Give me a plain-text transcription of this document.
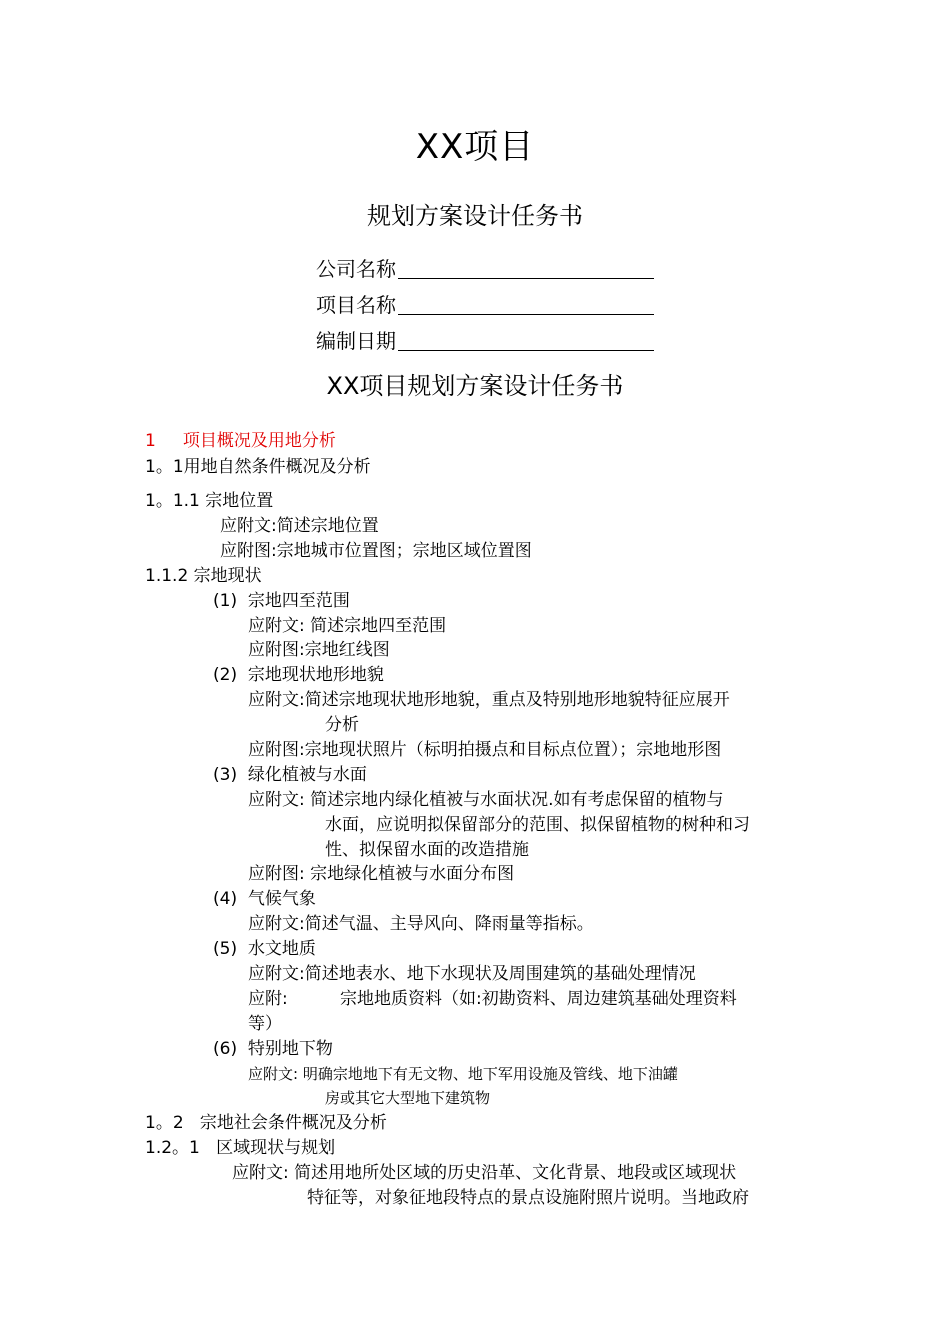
XX项目
规划方案设计任务书
公司名称
项目名称
编制日期
XX项目规划方案设计任务书
1     项目概况及用地分析
1。1用地自然条件概况及分析
1。1.1 宗地位置
应附文:简述宗地位置
应附图:宗地城市位置图；宗地区域位置图
1.1.2 宗地现状
(1)  宗地四至范围
应附文: 简述宗地四至范围
应附图:宗地红线图
(2)  宗地现状地形地貌
应附文:简述宗地现状地形地貌，重点及特别地形地貌特征应展开
分析
应附图:宗地现状照片（标明拍摄点和目标点位置）；宗地地形图
(3)  绿化植被与水面
应附文: 简述宗地内绿化植被与水面状况.如有考虑保留的植物与
水面，应说明拟保留部分的范围、拟保留植物的树种和习
性、拟保留水面的改造措施
应附图: 宗地绿化植被与水面分布图
(4)  气候气象
应附文:简述气温、主导风向、降雨量等指标。
(5)  水文地质
应附文:简述地表水、地下水现状及周围建筑的基础处理情况
应附:	宗地地质资料（如:初勘资料、周边建筑基础处理资料
等）
(6)  特别地下物
应附文: 明确宗地地下有无文物、地下军用设施及管线、地下油罐
房或其它大型地下建筑物
1。2   宗地社会条件概况及分析
1.2。1   区域现状与规划
应附文: 简述用地所处区域的历史沿革、文化背景、地段或区域现状
特征等，对象征地段特点的景点设施附照片说明。当地政府
